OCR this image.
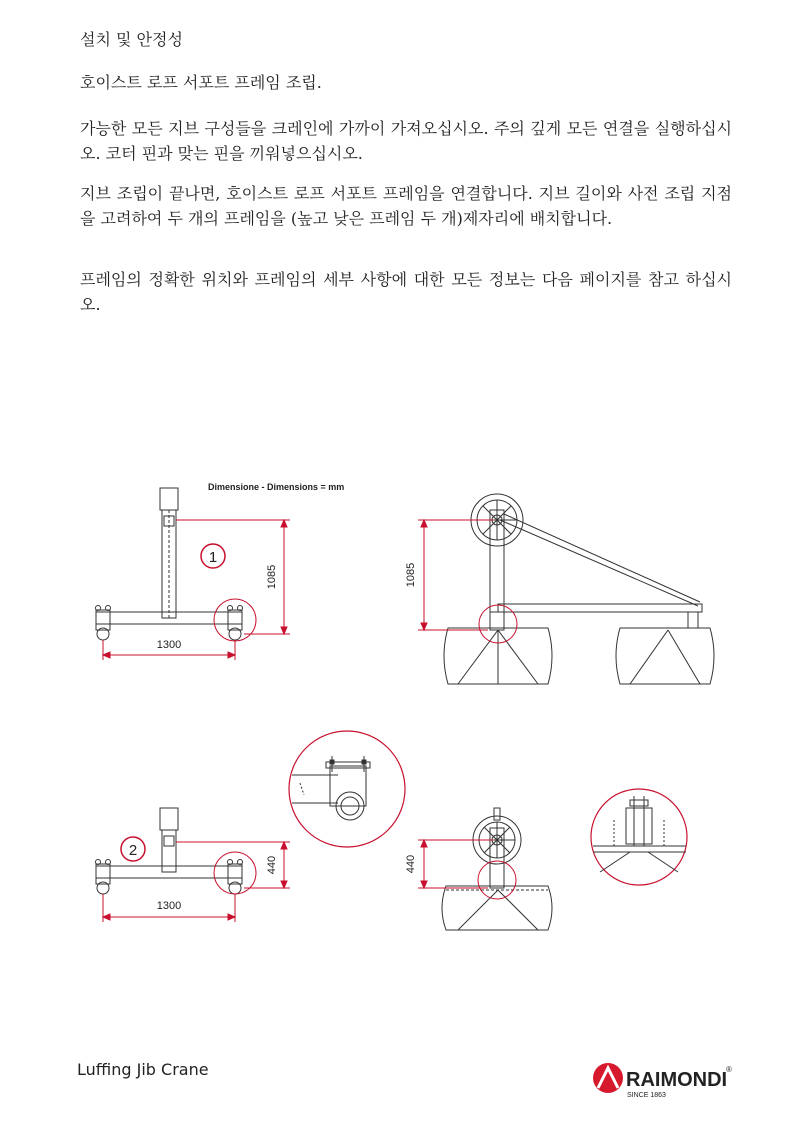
설치 및 안정성

호이스트 로프 서포트 프레임 조립.

가능한 모든 지브 구성들을 크레인에 가까이 가져오십시오. 주의 깊게 모든 연결을 실행하십시오. 코터 핀과 맞는 핀을 끼워넣으십시오.

지브 조립이 끝나면, 호이스트 로프 서포트 프레임을 연결합니다. 지브 길이와 사전 조립 지점을 고려하여 두 개의 프레임을 (높고 낮은 프레임 두 개)제자리에 배치합니다.

프레임의 정확한 위치와 프레임의 세부 사항에 대한 모든 정보는 다음 페이지를 참고 하십시오.

Dimensione - Dimensions = mm
1
1085
1300
1085
2
440
1300
440
Luffing Jib Crane	RAIMONDI
®
SINCE 1863
